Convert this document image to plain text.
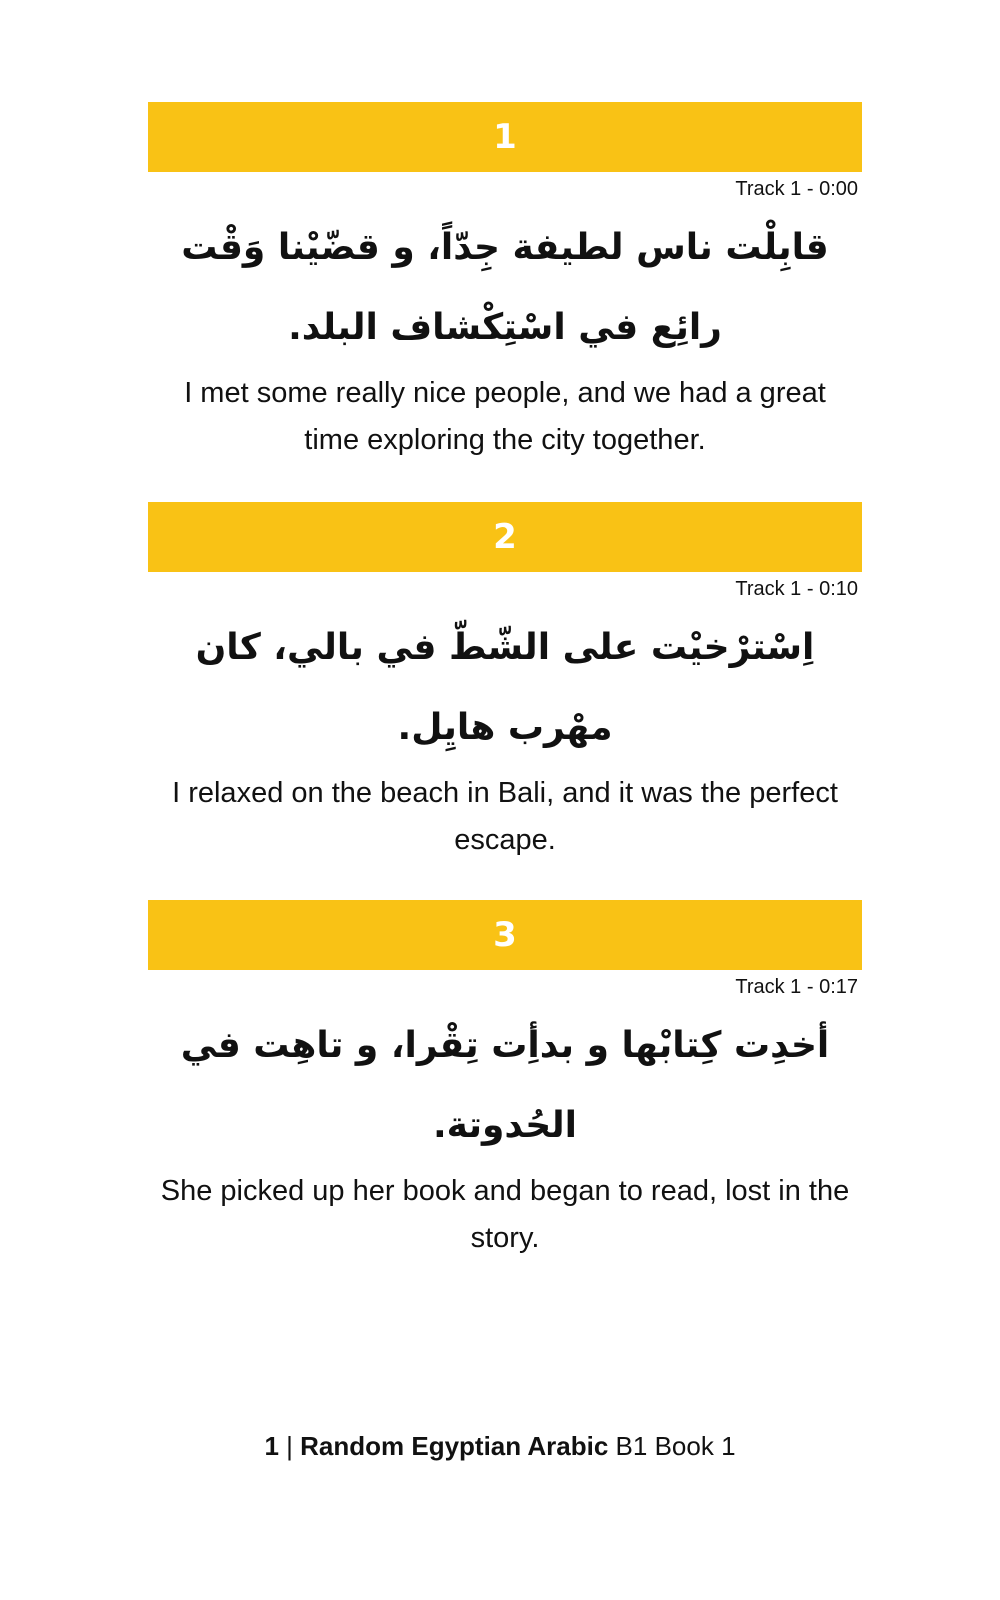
1
Track 1 - 0:00
قابِلْت ناس لطيفة جِدّاً، و قضّيْنا وَقْت رائِع في اسْتِكْشاف البلد.
I met some really nice people, and we had a great time exploring the city together.
2
Track 1 - 0:10
اِسْترْخيْت على الشّطّ في بالي، كان مهْرب هايِل.
I relaxed on the beach in Bali, and it was the perfect escape.
3
Track 1 - 0:17
أخدِت كِتابْها و بدأِت تِقْرا، و تاهِت في الحُدوتة.
She picked up her book and began to read, lost in the story.
1 | Random Egyptian Arabic B1 Book 1
